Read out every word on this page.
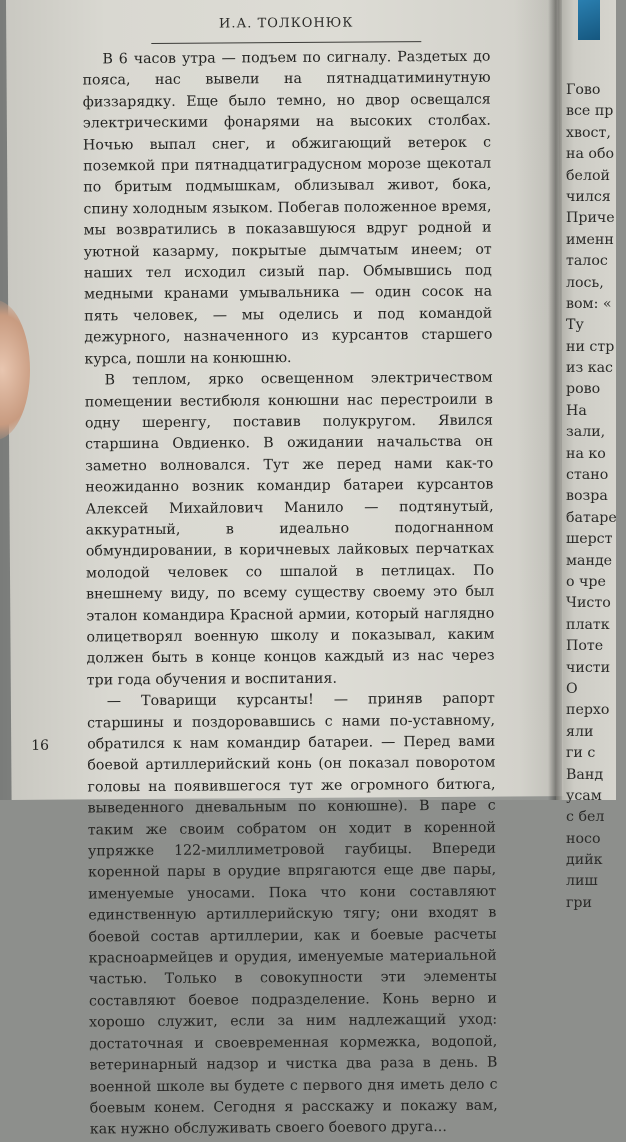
Гово
все пр
хвост,
на обо
белой
чился
Приче
именн
талос
лось,
вом: «
Ту
ни стр
из кас
рово
На
зали,
на ко
стано
возра
батаре
шерст
манде
о чре
Чисто
платк
Поте
чисти
О
перхо
яли
ги с
Ванд
усам
с бел
носо
дийк
лиш
гри
И.А. ТОЛКОНЮК

В 6 часов утра — подъем по сигналу. Раздетых до пояса, нас вывели на пятнадцатиминутную физзарядку. Еще было темно, но двор освещался электрическими фонарями на высоких столбах. Ночью выпал снег, и обжигающий ветерок с поземкой при пятнадцатиградусном морозе щекотал по бритым подмышкам, облизывал живот, бока, спину холодным языком. Побегав положенное время, мы возвратились в показавшуюся вдруг родной и уютной казарму, покрытые дымчатым инеем; от наших тел исходил сизый пар. Обмывшись под медными кранами умывальника — один сосок на пять человек, — мы оделись и под командой дежурного, назначенного из курсантов старшего курса, пошли на конюшню.

В теплом, ярко освещенном электричеством помещении вестибюля конюшни нас перестроили в одну шеренгу, поставив полукругом. Явился старшина Овдиенко. В ожидании начальства он заметно волновался. Тут же перед нами как-то неожиданно возник командир батареи курсантов Алексей Михайлович Манило — подтянутый, аккуратный, в идеально подогнанном обмундировании, в коричневых лайковых перчатках молодой человек со шпалой в петлицах. По внешнему виду, по всему существу своему это был эталон командира Красной армии, который наглядно олицетворял военную школу и показывал, каким должен быть в конце концов каждый из нас через три года обучения и воспитания.

— Товарищи курсанты! — приняв рапорт старшины и поздоровавшись с нами по-уставному, обратился к нам командир батареи. — Перед вами боевой артиллерийский конь (он показал поворотом головы на появившегося тут же огромного битюга, выведенного дневальным по конюшне). В паре с таким же своим собратом он ходит в коренной упряжке 122-миллиметровой гаубицы. Впереди коренной пары в орудие впрягаются еще две пары, именуемые уносами. Пока что кони составляют единственную артиллерийскую тягу; они входят в боевой состав артиллерии, как и боевые расчеты красноармейцев и орудия, именуемые материальной частью. Только в совокупности эти элементы составляют боевое подразделение. Конь верно и хорошо служит, если за ним надлежащий уход: достаточная и своевременная кормежка, водопой, ветеринарный надзор и чистка два раза в день. В военной школе вы будете с первого дня иметь дело с боевым конем. Сегодня я расскажу и покажу вам, как нужно обслуживать своего боевого друга...

16
